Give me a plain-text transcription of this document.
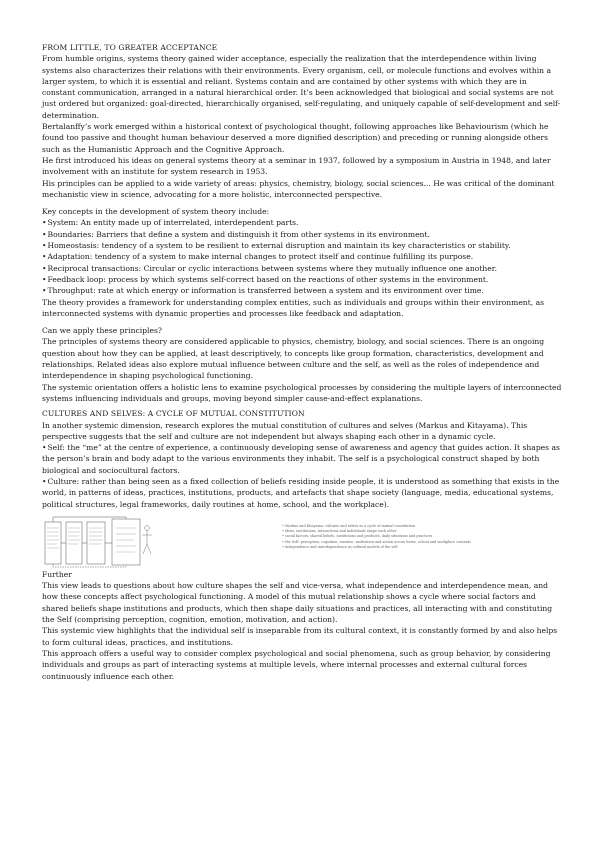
FROM LITTLE, TO GREATER ACCEPTANCE

From humble origins, systems theory gained wider acceptance, especially the realization that the interdependence within living systems also characterizes their relations with their environments. Every organism, cell, or molecule functions and evolves within a larger system, to which it is essential and reliant. Systems contain and are contained by other systems with which they are in constant communication, arranged in a natural hierarchical order. It’s been acknowledged that biological and social systems are not just ordered but organized: goal-directed, hierarchically organised, self-regulating, and uniquely capable of self-development and self-determination.

Bertalanffy’s work emerged within a historical context of psychological thought, following approaches like Behaviourism (which he found too passive and thought human behaviour deserved a more dignified description) and preceding or running alongside others such as the Humanistic Approach and the Cognitive Approach.

He first introduced his ideas on general systems theory at a seminar in 1937, followed by a symposium in Austria in 1948, and later involvement with an institute for system research in 1953.

His principles can be applied to a wide variety of areas: physics, chemistry, biology, social sciences... He was critical of the dominant mechanistic view in science, advocating for a more holistic, interconnected perspective.

Key concepts in the development of system theory include:

• System: An entity made up of interrelated, interdependent parts.
• Boundaries: Barriers that define a system and distinguish it from other systems in its environment.
• Homeostasis: tendency of a system to be resilient to external disruption and maintain its key characteristics or stability.
• Adaptation: tendency of a system to make internal changes to protect itself and continue fulfilling its purpose.
• Reciprocal transactions: Circular or cyclic interactions between systems where they mutually influence one another.
• Feedback loop: process by which systems self-correct based on the reactions of other systems in the environment.
• Throughput: rate at which energy or information is transferred between a system and its environment over time.

The theory provides a framework for understanding complex entities, such as individuals and groups within their environment, as interconnected systems with dynamic properties and processes like feedback and adaptation.

Can we apply these principles?

The principles of systems theory are considered applicable to physics, chemistry, biology, and social sciences. There is an ongoing question about how they can be applied, at least descriptively, to concepts like group formation, characteristics, development and relationships. Related ideas also explore mutual influence between culture and the self, as well as the roles of independence and interdependence in shaping psychological functioning.

The systemic orientation offers a holistic lens to examine psychological processes by considering the multiple layers of interconnected systems influencing individuals and groups, moving beyond simpler cause-and-effect explanations.

CULTURES AND SELVES: A CYCLE OF MUTUAL CONSTITUTION

In another systemic dimension, research explores the mutual constitution of cultures and selves (Markus and Kitayama). This perspective suggests that the self and culture are not independent but always shaping each other in a dynamic cycle.

• Self: the “me” at the centre of experience, a continuously developing sense of awareness and agency that guides action. It shapes as the person’s brain and body adapt to the various environments they inhabit. The self is a psychological construct shaped by both biological and sociocultural factors.
• Culture: rather than being seen as a fixed collection of beliefs residing inside people, it is understood as something that exists in the world, in patterns of ideas, practices, institutions, products, and artefacts that shape society (language, media, educational systems, political structures, legal frameworks, daily routines at home, school, and the workplace).
• Markus and Kitayama: cultures and selves as a cycle of mutual constitution
• ideas, institutions, interactions and individuals shape each other
• social factors, shared beliefs, institutions and products, daily situations and practices
• the Self: perception, cognition, emotion, motivation and action across home, school and workplace contexts
• independence and interdependence as cultural models of the self

Further

This view leads to questions about how culture shapes the self and vice-versa, what independence and interdependence mean, and how these concepts affect psychological functioning. A model of this mutual relationship shows a cycle where social factors and shared beliefs shape institutions and products, which then shape daily situations and practices, all interacting with and constituting the Self (comprising perception, cognition, emotion, motivation, and action).

This systemic view highlights that the individual self is inseparable from its cultural context, it is constantly formed by and also helps to form cultural ideas, practices, and institutions.

This approach offers a useful way to consider complex psychological and social phenomena, such as group behavior, by considering individuals and groups as part of interacting systems at multiple levels, where internal processes and external cultural forces continuously influence each other.
